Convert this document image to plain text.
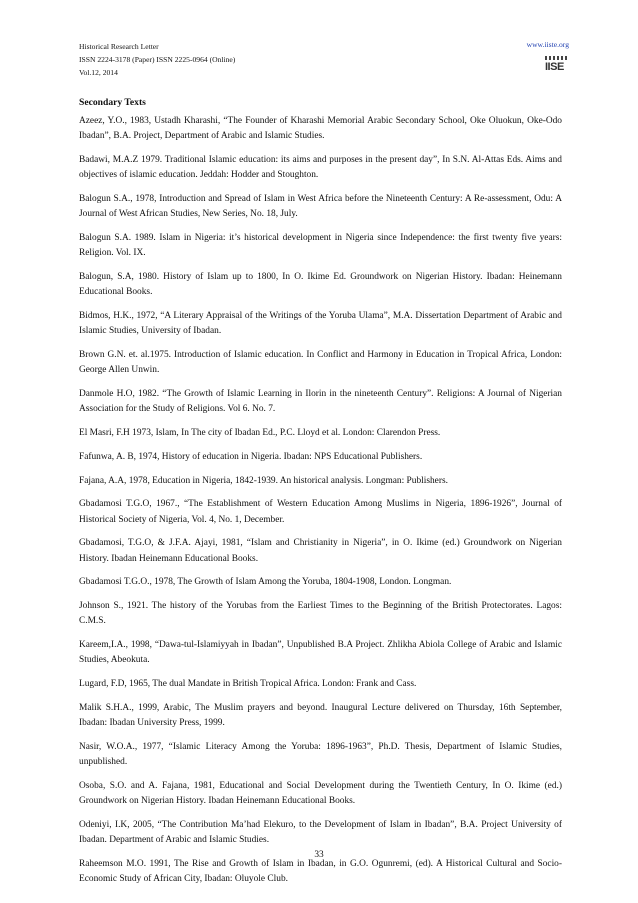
Historical Research Letter
ISSN 2224-3178 (Paper) ISSN 2225-0964 (Online)
Vol.12, 2014
www.iiste.org
IISE
Secondary Texts

Azeez, Y.O., 1983, Ustadh Kharashi, “The Founder of Kharashi Memorial Arabic Secondary School, Oke Oluokun, Oke-Odo Ibadan”, B.A. Project, Department of Arabic and Islamic Studies.

Badawi, M.A.Z 1979. Traditional Islamic education: its aims and purposes in the present day”, In S.N. Al-Attas Eds. Aims and objectives of islamic education. Jeddah: Hodder and Stoughton.

Balogun S.A., 1978, Introduction and Spread of Islam in West Africa before the Nineteenth Century: A Re-assessment, Odu: A Journal of West African Studies, New Series, No. 18, July.

Balogun S.A. 1989. Islam in Nigeria: it’s historical development in Nigeria since Independence: the first twenty five years: Religion. Vol. IX.

Balogun, S.A, 1980. History of Islam up to 1800, In O. Ikime Ed. Groundwork on Nigerian History. Ibadan: Heinemann Educational Books.

Bidmos, H.K., 1972, “A Literary Appraisal of the Writings of the Yoruba Ulama”, M.A. Dissertation Department of Arabic and Islamic Studies, University of Ibadan.

Brown G.N. et. al.1975. Introduction of Islamic education. In Conflict and Harmony in Education in Tropical Africa, London: George Allen Unwin.

Danmole H.O, 1982. “The Growth of Islamic Learning in Ilorin in the nineteenth Century”. Religions: A Journal of Nigerian Association for the Study of Religions. Vol 6. No. 7.

El Masri, F.H 1973, Islam, In The city of Ibadan Ed., P.C. Lloyd et al. London: Clarendon Press.

Fafunwa, A. B, 1974, History of education in Nigeria. Ibadan: NPS Educational Publishers.

Fajana, A.A, 1978, Education in Nigeria, 1842-1939. An historical analysis. Longman: Publishers.

Gbadamosi T.G.O, 1967., “The Establishment of Western Education Among Muslims in Nigeria, 1896-1926”, Journal of Historical Society of Nigeria, Vol. 4, No. 1, December.

Gbadamosi, T.G.O, & J.F.A. Ajayi, 1981, “Islam and Christianity in Nigeria”, in O. Ikime (ed.) Groundwork on Nigerian History. Ibadan Heinemann Educational Books.

Gbadamosi T.G.O., 1978, The Growth of Islam Among the Yoruba, 1804-1908, London. Longman.

Johnson S., 1921. The history of the Yorubas from the Earliest Times to the Beginning of the British Protectorates. Lagos: C.M.S.

Kareem,I.A., 1998, “Dawa-tul-Islamiyyah in Ibadan”, Unpublished B.A Project. Zhlikha Abiola College of Arabic and Islamic Studies, Abeokuta.

Lugard, F.D, 1965, The dual Mandate in British Tropical Africa. London: Frank and Cass.

Malik S.H.A., 1999, Arabic, The Muslim prayers and beyond. Inaugural Lecture delivered on Thursday, 16th September, Ibadan: Ibadan University Press, 1999.

Nasir, W.O.A., 1977, “Islamic Literacy Among the Yoruba: 1896-1963”, Ph.D. Thesis, Department of Islamic Studies, unpublished.

Osoba, S.O. and A. Fajana, 1981, Educational and Social Development during the Twentieth Century, In O. Ikime (ed.) Groundwork on Nigerian History. Ibadan Heinemann Educational Books.

Odeniyi, I.K, 2005, “The Contribution Ma’had Elekuro, to the Development of Islam in Ibadan”, B.A. Project University of Ibadan. Department of Arabic and Islamic Studies.

Raheemson M.O. 1991, The Rise and Growth of Islam in Ibadan, in G.O. Ogunremi, (ed). A Historical Cultural and Socio-Economic Study of African City, Ibadan: Oluyole Club.

33
